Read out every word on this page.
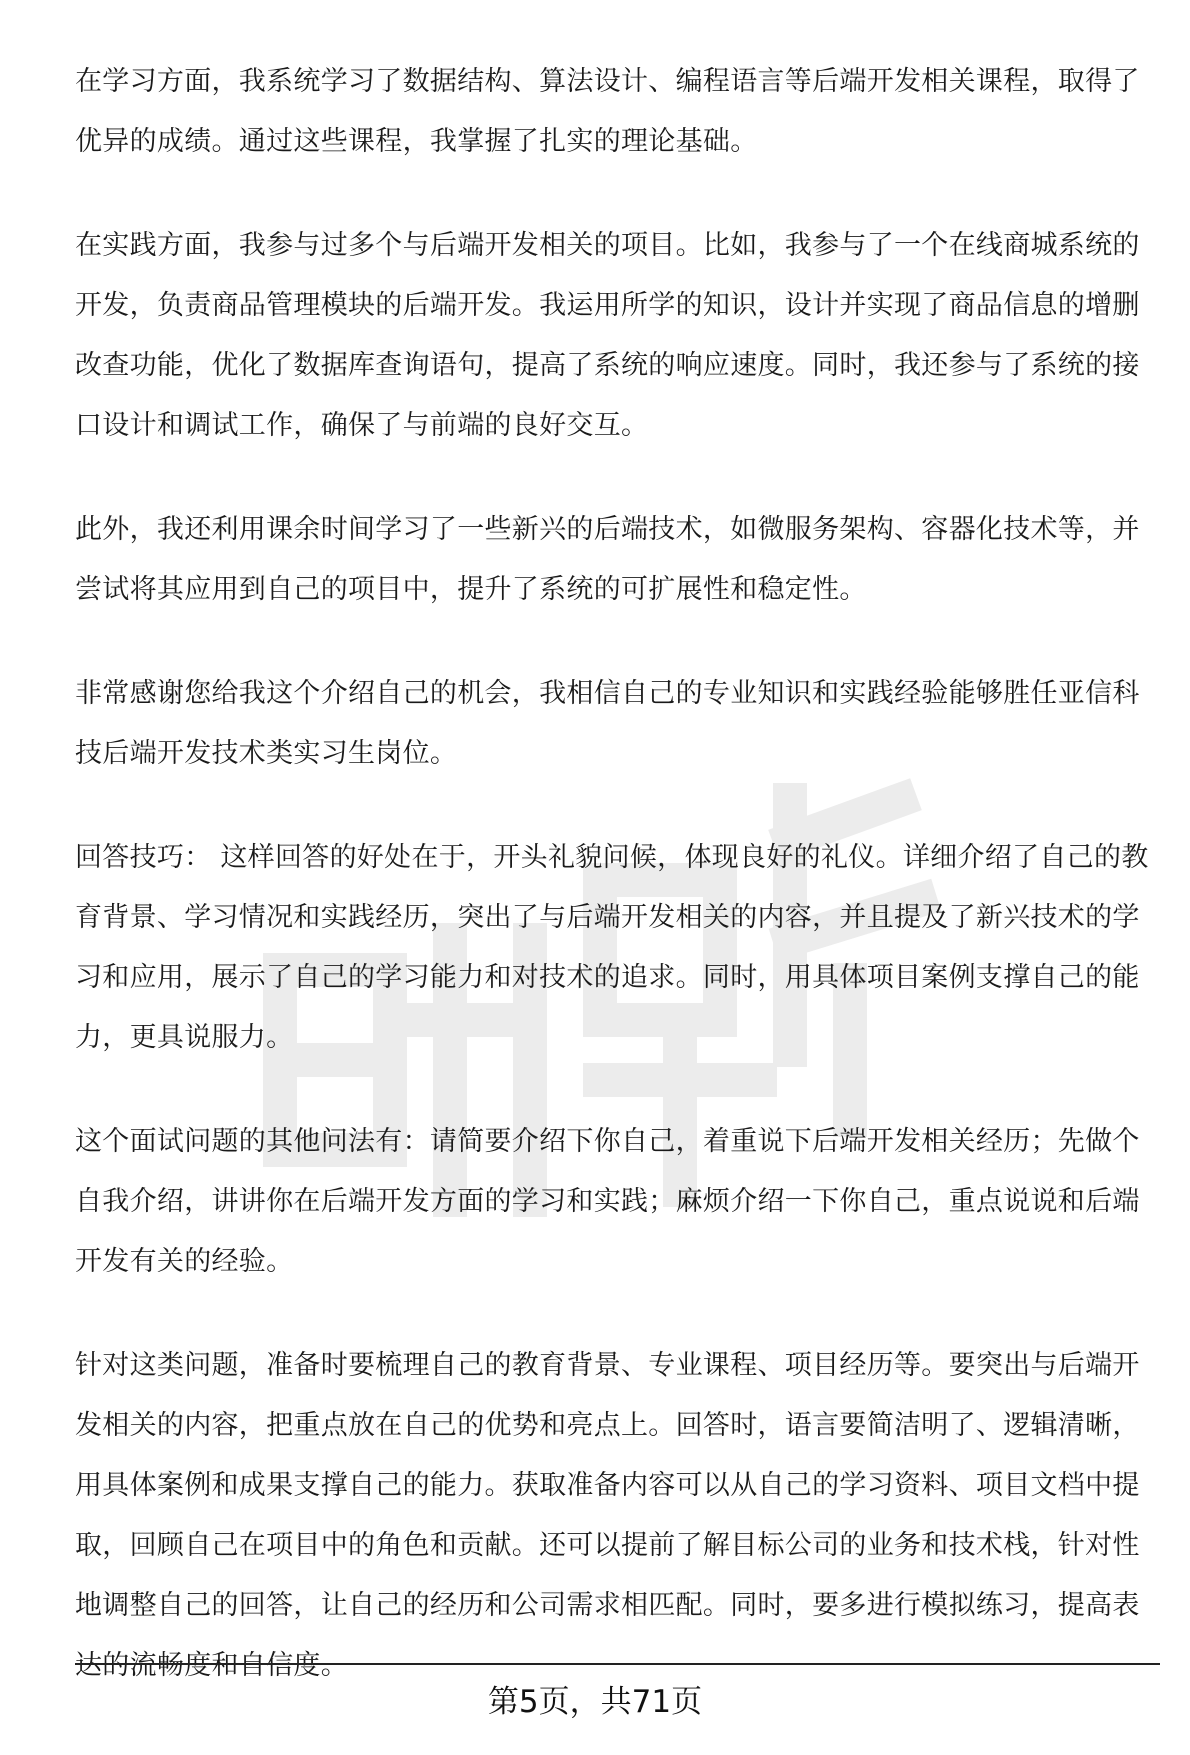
在学习方面，我系统学习了数据结构、算法设计、编程语言等后端开发相关课程，取得了优异的成绩。通过这些课程，我掌握了扎实的理论基础。

在实践方面，我参与过多个与后端开发相关的项目。比如，我参与了一个在线商城系统的开发，负责商品管理模块的后端开发。我运用所学的知识，设计并实现了商品信息的增删改查功能，优化了数据库查询语句，提高了系统的响应速度。同时，我还参与了系统的接口设计和调试工作，确保了与前端的良好交互。

此外，我还利用课余时间学习了一些新兴的后端技术，如微服务架构、容器化技术等，并尝试将其应用到自己的项目中，提升了系统的可扩展性和稳定性。

非常感谢您给我这个介绍自己的机会，我相信自己的专业知识和实践经验能够胜任亚信科技后端开发技术类实习生岗位。

回答技巧： 这样回答的好处在于，开头礼貌问候，体现良好的礼仪。详细介绍了自己的教育背景、学习情况和实践经历，突出了与后端开发相关的内容，并且提及了新兴技术的学习和应用，展示了自己的学习能力和对技术的追求。同时，用具体项目案例支撑自己的能力，更具说服力。

这个面试问题的其他问法有：请简要介绍下你自己，着重说下后端开发相关经历；先做个自我介绍，讲讲你在后端开发方面的学习和实践；麻烦介绍一下你自己，重点说说和后端开发有关的经验。

针对这类问题，准备时要梳理自己的教育背景、专业课程、项目经历等。要突出与后端开发相关的内容，把重点放在自己的优势和亮点上。回答时，语言要简洁明了、逻辑清晰，用具体案例和成果支撑自己的能力。获取准备内容可以从自己的学习资料、项目文档中提取，回顾自己在项目中的角色和贡献。还可以提前了解目标公司的业务和技术栈，针对性地调整自己的回答，让自己的经历和公司需求相匹配。同时，要多进行模拟练习，提高表达的流畅度和自信度。

第5页，共71页
